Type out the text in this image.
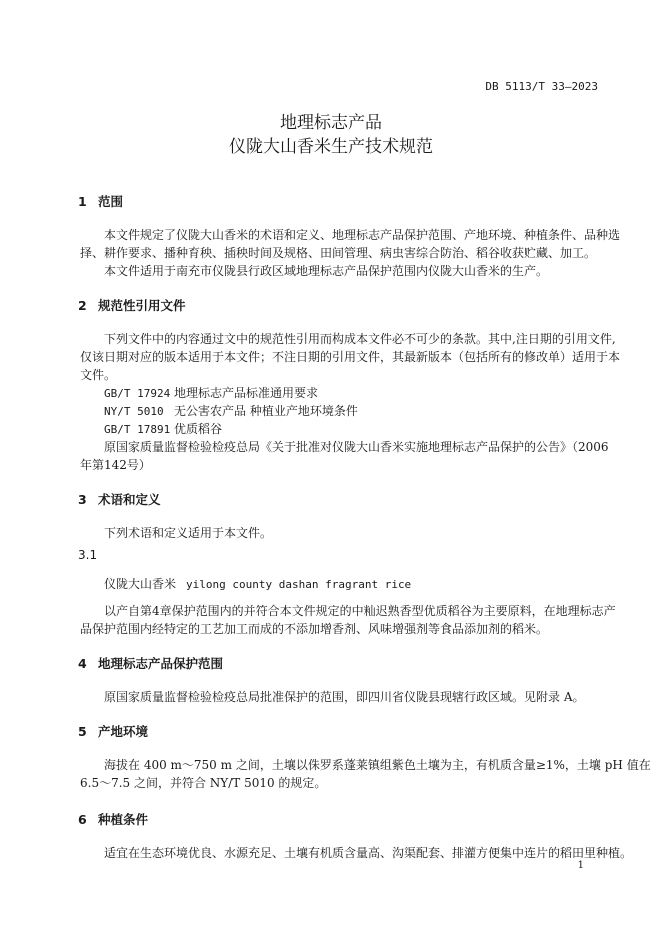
DB 5113/T 33—2023
地理标志产品
仪陇大山香米生产技术规范
1 范围
本文件规定了仪陇大山香米的术语和定义、地理标志产品保护范围、产地环境、种植条件、品种选
择、耕作要求、播种育秧、插秧时间及规格、田间管理、病虫害综合防治、稻谷收获贮藏、加工。
本文件适用于南充市仪陇县行政区域地理标志产品保护范围内仪陇大山香米的生产。
2 规范性引用文件
下列文件中的内容通过文中的规范性引用而构成本文件必不可少的条款。其中,注日期的引用文件,
仅该日期对应的版本适用于本文件；不注日期的引用文件，其最新版本（包括所有的修改单）适用于本
文件。
GB/T 17924 地理标志产品标准通用要求
NY/T 5010 无公害农产品 种植业产地环境条件
GB/T 17891 优质稻谷
原国家质量监督检验检疫总局《关于批准对仪陇大山香米实施地理标志产品保护的公告》（2006
年第142号）
3 术语和定义
下列术语和定义适用于本文件。
3.1
仪陇大山香米 yilong county dashan fragrant rice
以产自第4章保护范围内的并符合本文件规定的中籼迟熟香型优质稻谷为主要原料，在地理标志产
品保护范围内经特定的工艺加工而成的不添加增香剂、风味增强剂等食品添加剂的稻米。
4 地理标志产品保护范围
原国家质量监督检验检疫总局批准保护的范围，即四川省仪陇县现辖行政区域。见附录 A。
5 产地环境
海拔在 400 m～750 m 之间，土壤以侏罗系蓬莱镇组紫色土壤为主，有机质含量≥1%，土壤 pH 值在
6.5～7.5 之间，并符合 NY/T 5010 的规定。
6 种植条件
适宜在生态环境优良、水源充足、土壤有机质含量高、沟渠配套、排灌方便集中连片的稻田里种植。
1
